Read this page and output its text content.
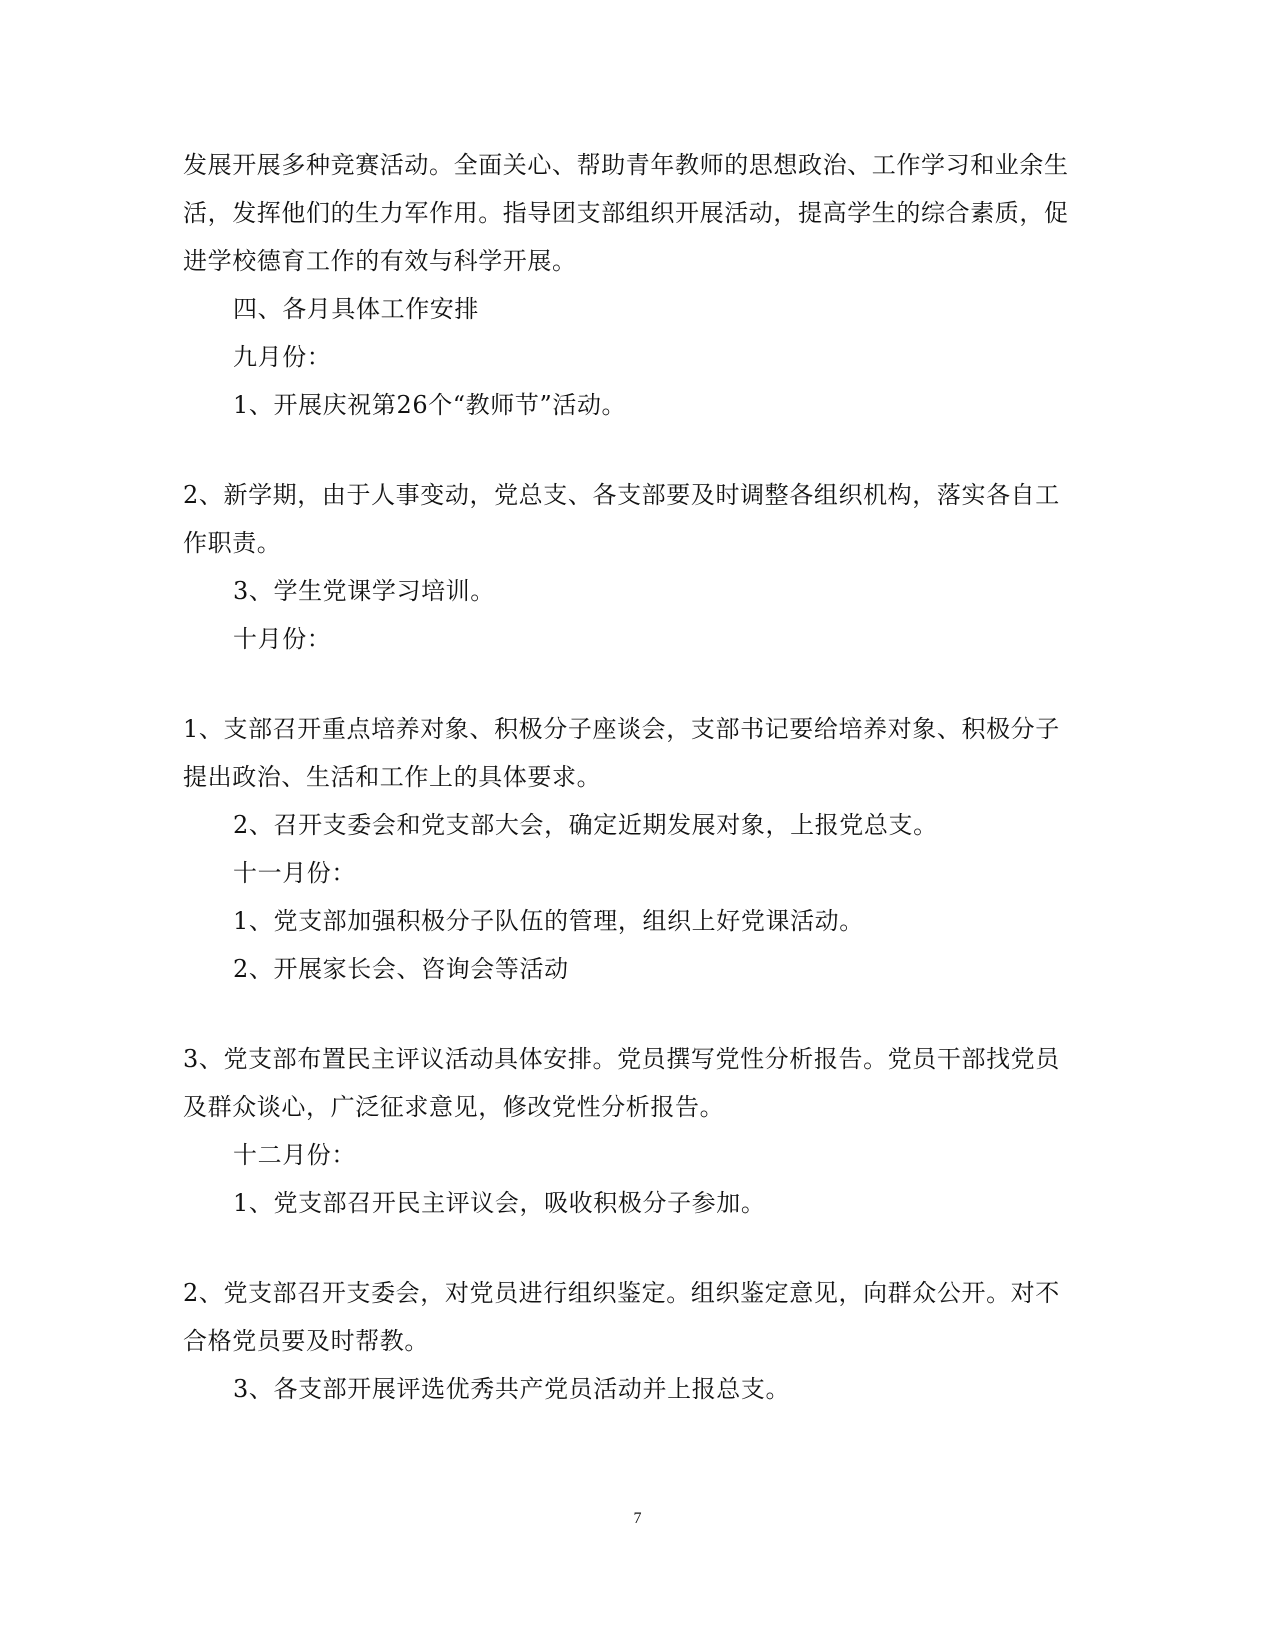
发展开展多种竞赛活动。全面关心、帮助青年教师的思想政治、工作学习和业余生
活，发挥他们的生力军作用。指导团支部组织开展活动，提高学生的综合素质，促
进学校德育工作的有效与科学开展。
四、各月具体工作安排
九月份：
1、开展庆祝第26个“教师节”活动。
2、新学期，由于人事变动，党总支、各支部要及时调整各组织机构，落实各自工
作职责。
3、学生党课学习培训。
十月份：
1、支部召开重点培养对象、积极分子座谈会，支部书记要给培养对象、积极分子
提出政治、生活和工作上的具体要求。
2、召开支委会和党支部大会，确定近期发展对象，上报党总支。
十一月份：
1、党支部加强积极分子队伍的管理，组织上好党课活动。
2、开展家长会、咨询会等活动
3、党支部布置民主评议活动具体安排。党员撰写党性分析报告。党员干部找党员
及群众谈心，广泛征求意见，修改党性分析报告。
十二月份：
1、党支部召开民主评议会，吸收积极分子参加。
2、党支部召开支委会，对党员进行组织鉴定。组织鉴定意见，向群众公开。对不
合格党员要及时帮教。
3、各支部开展评选优秀共产党员活动并上报总支。
7
